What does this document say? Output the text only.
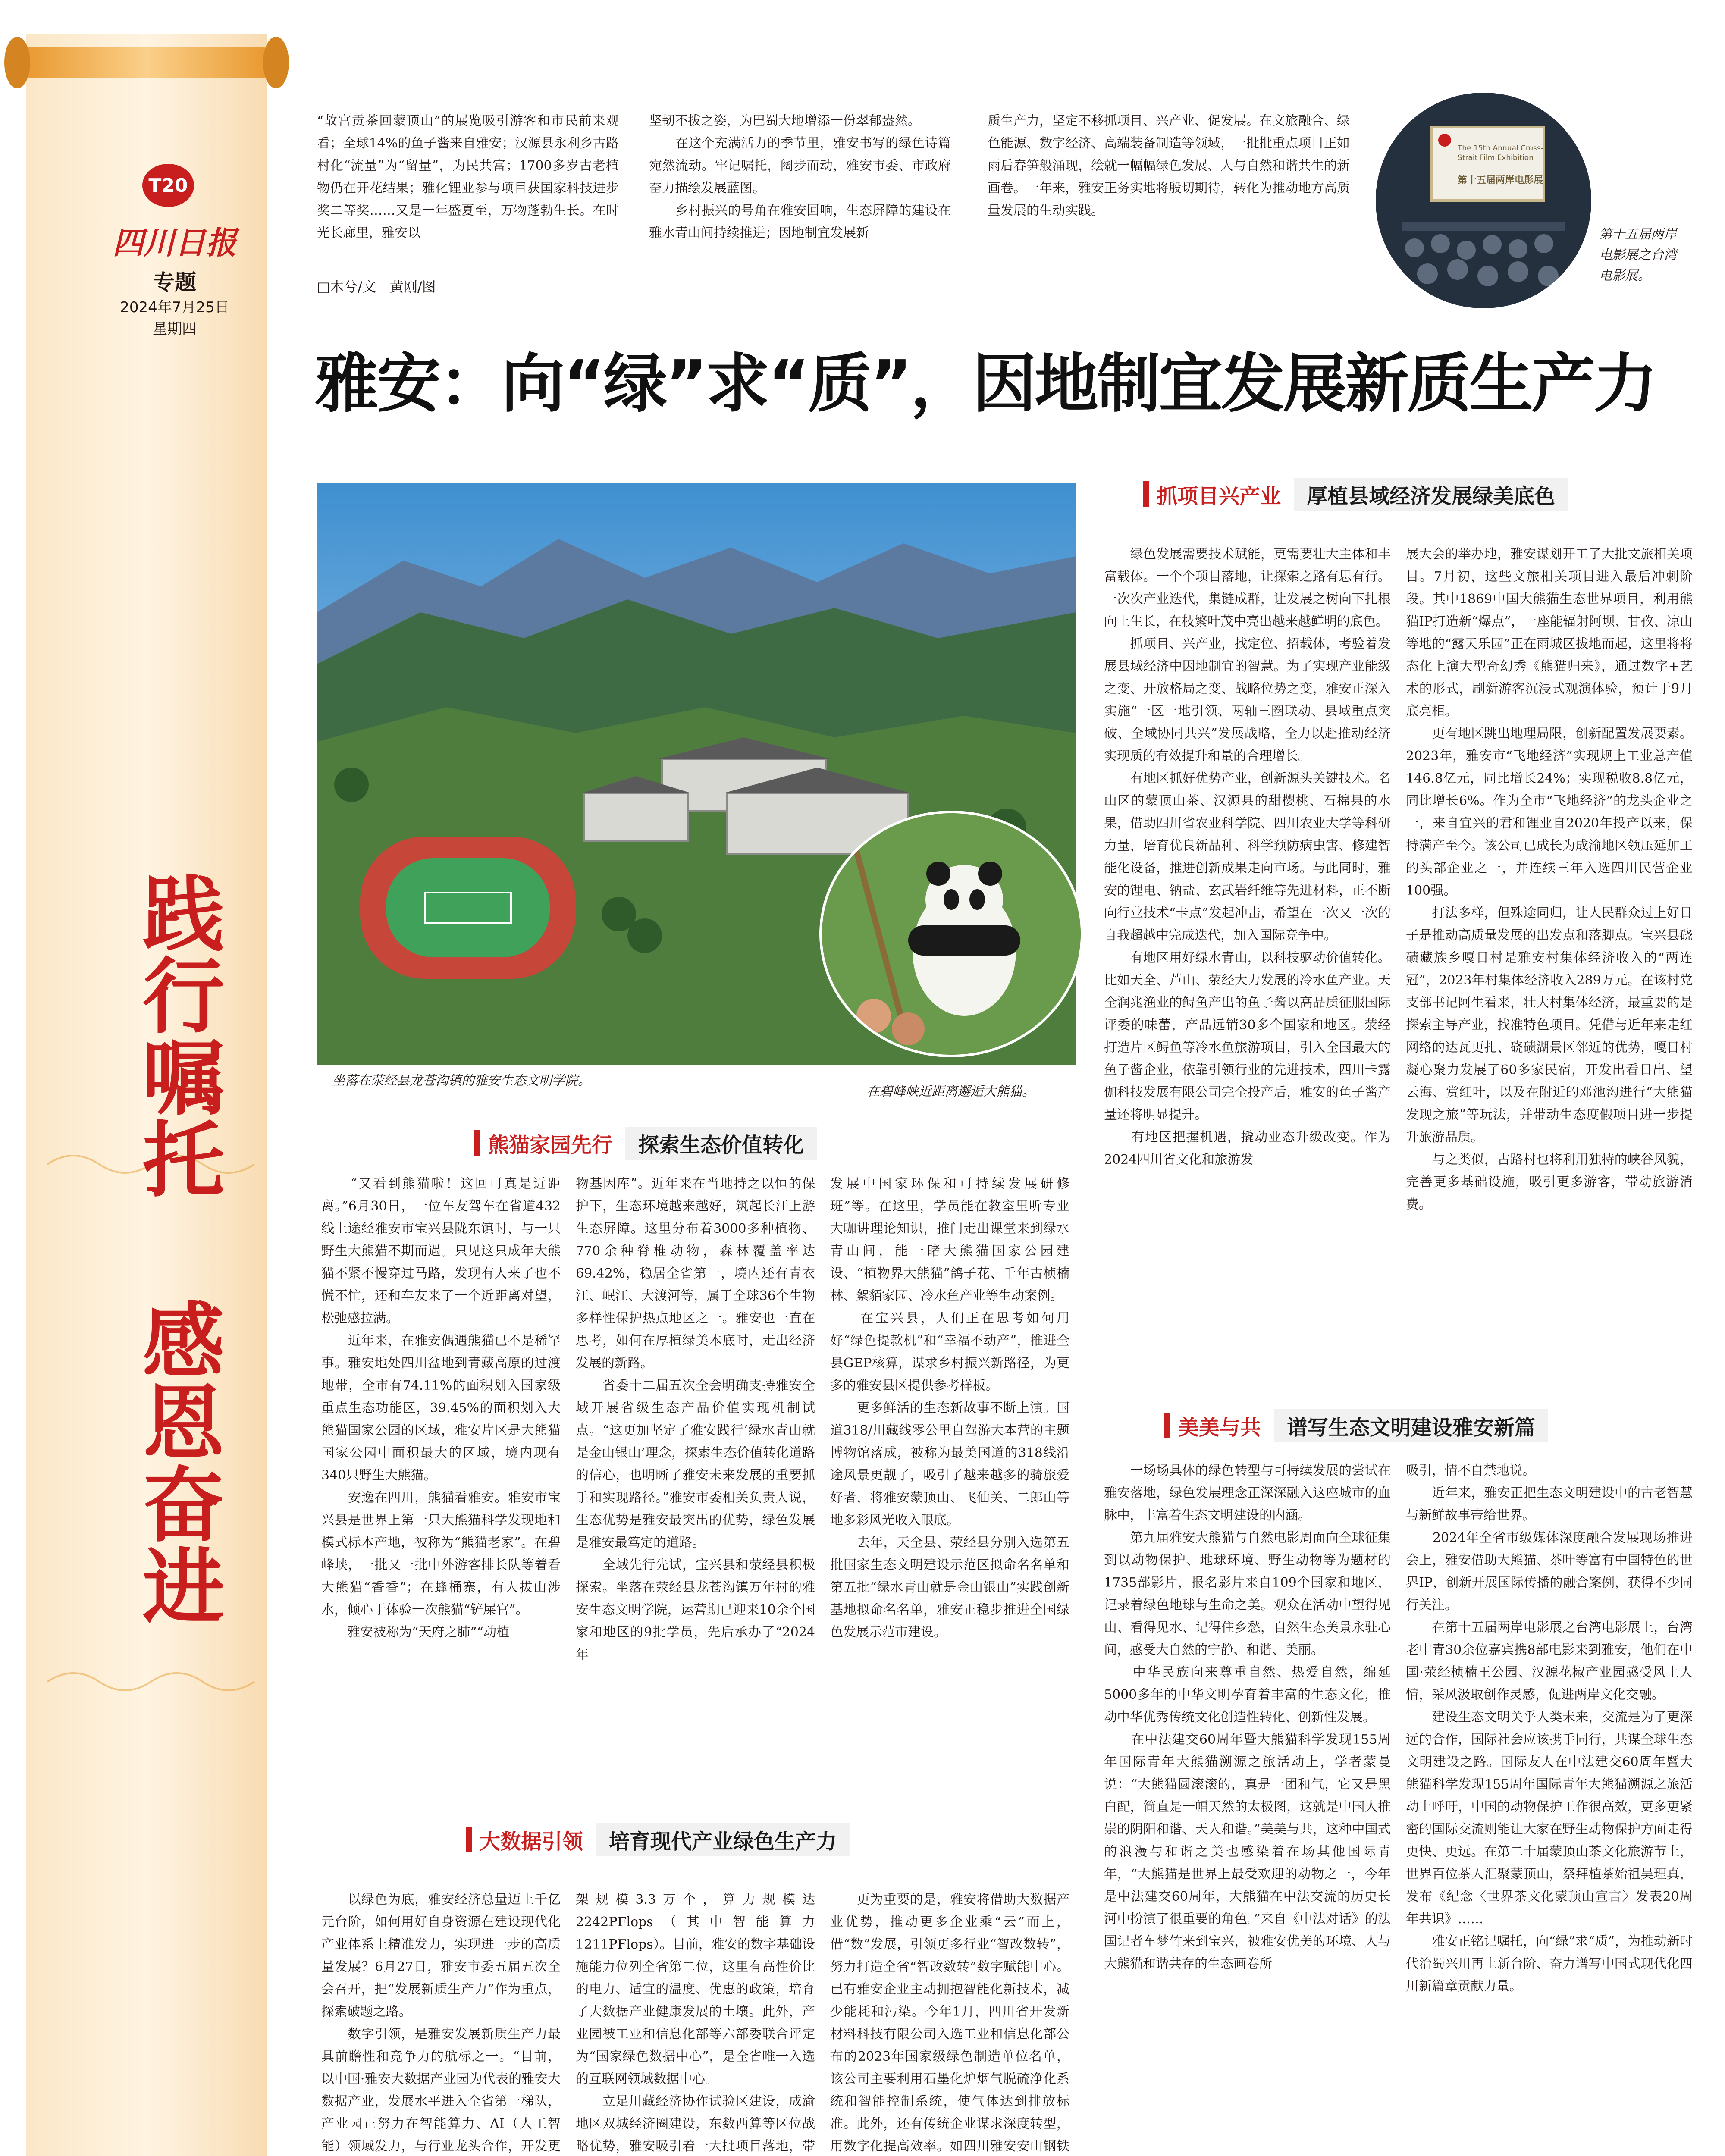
T20
四川日报
专题
2024年7月25日
星期四
践行嘱托
感恩奋进
“故宫贡茶回蒙顶山”的展览吸引游客和市民前来观看；全球14%的鱼子酱来自雅安；汉源县永利乡古路村化“流量”为“留量”，为民共富；1700多岁古老植物仍在开花结果；雅化锂业参与项目获国家科技进步奖二等奖……又是一年盛夏至，万物蓬勃生长。在时光长廊里，雅安以
坚韧不拔之姿，为巴蜀大地增添一份翠郁盎然。
　　在这个充满活力的季节里，雅安书写的绿色诗篇宛然流动。牢记嘱托，阔步而动，雅安市委、市政府奋力描绘发展蓝图。
　　乡村振兴的号角在雅安回响，生态屏障的建设在雅水青山间持续推进；因地制宜发展新
质生产力，坚定不移抓项目、兴产业、促发展。在文旅融合、绿色能源、数字经济、高端装备制造等领域，一批批重点项目正如雨后春笋般涌现，绘就一幅幅绿色发展、人与自然和谐共生的新画卷。一年来，雅安正务实地将殷切期待，转化为推动地方高质量发展的生动实践。
□木兮/文　黄刚/图
The 15th Annual Cross-Strait Film Exhibition
第十五届两岸电影展
第十五届两岸电影展之台湾电影展。
雅安：向“绿”求“质”，因地制宜发展新质生产力
坐落在荥经县龙苍沟镇的雅安生态文明学院。
在碧峰峡近距离邂逅大熊猫。
熊猫家园先行	探索生态价值转化
　　“又看到熊猫啦！这回可真是近距离。”6月30日，一位车友驾车在省道432线上途经雅安市宝兴县陇东镇时，与一只野生大熊猫不期而遇。只见这只成年大熊猫不紧不慢穿过马路，发现有人来了也不慌不忙，还和车友来了一个近距离对望，松弛感拉满。
　　近年来，在雅安偶遇熊猫已不是稀罕事。雅安地处四川盆地到青藏高原的过渡地带，全市有74.11%的面积划入国家级重点生态功能区，39.45%的面积划入大熊猫国家公园的区域，雅安片区是大熊猫国家公园中面积最大的区域，境内现有340只野生大熊猫。
　　安逸在四川，熊猫看雅安。雅安市宝兴县是世界上第一只大熊猫科学发现地和模式标本产地，被称为“熊猫老家”。在碧峰峡，一批又一批中外游客排长队等着看大熊猫“香香”；在蜂桶寨，有人拔山涉水，倾心于体验一次熊猫“铲屎官”。
　　雅安被称为“天府之肺”“动植
物基因库”。近年来在当地持之以恒的保护下，生态环境越来越好，筑起长江上游生态屏障。这里分布着3000多种植物、770余种脊椎动物，森林覆盖率达69.42%，稳居全省第一，境内还有青衣江、岷江、大渡河等，属于全球36个生物多样性保护热点地区之一。雅安也一直在思考，如何在厚植绿美本底时，走出经济发展的新路。
　　省委十二届五次全会明确支持雅安全域开展省级生态产品价值实现机制试点。“这更加坚定了雅安践行‘绿水青山就是金山银山’理念，探索生态价值转化道路的信心，也明晰了雅安未来发展的重要抓手和实现路径。”雅安市委相关负责人说，生态优势是雅安最突出的优势，绿色发展是雅安最笃定的道路。
　　全域先行先试，宝兴县和荥经县积极探索。坐落在荥经县龙苍沟镇万年村的雅安生态文明学院，运营期已迎来10余个国家和地区的9批学员，先后承办了“2024年
发展中国家环保和可持续发展研修班”等。在这里，学员能在教室里听专业大咖讲理论知识，推门走出课堂来到绿水青山间，能一睹大熊猫国家公园建设、“植物界大熊猫”鸽子花、千年古桢楠林、絮貊家园、冷水鱼产业等生动案例。
　　在宝兴县，人们正在思考如何用好“绿色提款机”和“幸福不动产”，推进全县GEP核算，谋求乡村振兴新路径，为更多的雅安县区提供参考样板。
　　更多鲜活的生态新故事不断上演。国道318/川藏线零公里自驾游大本营的主题博物馆落成，被称为最美国道的318线沿途风景更靓了，吸引了越来越多的骑旅爱好者，将雅安蒙顶山、飞仙关、二郎山等地多彩风光收入眼底。
　　去年，天全县、荥经县分别入选第五批国家生态文明建设示范区拟命名名单和第五批“绿水青山就是金山银山”实践创新基地拟命名名单，雅安正稳步推进全国绿色发展示范市建设。
大数据引领	培育现代产业绿色生产力
　　以绿色为底，雅安经济总量迈上千亿元台阶，如何用好自身资源在建设现代化产业体系上精准发力，实现进一步的高质量发展？6月27日，雅安市委五届五次全会召开，把“发展新质生产力”作为重点，探索破题之路。
　　数字引领，是雅安发展新质生产力最具前瞻性和竞争力的航标之一。“目前，以中国·雅安大数据产业园为代表的雅安大数据产业，发展水平进入全省第一梯队，产业园正努力在智能算力、AI（人工智能）领域发力，与行业龙头合作，开发更

架规模3.3万个，算力规模达2242PFlops（其中智能算力1211PFlops）。目前，雅安的数字基础设施能力位列全省第二位，这里有高性价比的电力、适宜的温度、优惠的政策，培育了大数据产业健康发展的土壤。此外，产业园被工业和信息化部等六部委联合评定为“国家绿色数据中心”，是全省唯一入选的互联网领域数据中心。
　　立足川藏经济协作试验区建设，成渝地区双城经济圈建设，东数西算等区位战略优势，雅安吸引着一大批项目落地，带
　　更为重要的是，雅安将借助大数据产业优势，推动更多企业乘“云”而上，借“数”发展，引领更多行业“智改数转”，努力打造全省“智改数转”数字赋能中心。已有雅安企业主动拥抱智能化新技术，减少能耗和污染。今年1月，四川省开发新材料科技有限公司入选工业和信息化部公布的2023年国家级绿色制造单位名单，该公司主要利用石墨化炉烟气脱硫净化系统和智能控制系统，使气体达到排放标准。此外，还有传统企业谋求深度转型，用数字化提高效率。如四川雅安安山钢铁
抓项目兴产业	厚植县域经济发展绿美底色
　　绿色发展需要技术赋能，更需要壮大主体和丰富载体。一个个项目落地，让探索之路有思有行。一次次产业迭代，集链成群，让发展之树向下扎根向上生长，在枝繁叶茂中亮出越来越鲜明的底色。
　　抓项目、兴产业，找定位、招载体，考验着发展县域经济中因地制宜的智慧。为了实现产业能级之变、开放格局之变、战略位势之变，雅安正深入实施“一区一地引领、两轴三圈联动、县域重点突破、全域协同共兴”发展战略，全力以赴推动经济实现质的有效提升和量的合理增长。
　　有地区抓好优势产业，创新源头关键技术。名山区的蒙顶山茶、汉源县的甜樱桃、石棉县的水果，借助四川省农业科学院、四川农业大学等科研力量，培育优良新品种、科学预防病虫害、修建智能化设备，推进创新成果走向市场。与此同时，雅安的锂电、钠盐、玄武岩纤维等先进材料，正不断向行业技术“卡点”发起冲击，希望在一次又一次的自我超越中完成迭代，加入国际竞争中。
　　有地区用好绿水青山，以科技驱动价值转化。比如天全、芦山、荥经大力发展的冷水鱼产业。天全润兆渔业的鲟鱼产出的鱼子酱以高品质征服国际评委的味蕾，产品远销30多个国家和地区。荥经打造片区鲟鱼等冷水鱼旅游项目，引入全国最大的鱼子酱企业，依靠引领行业的先进技术，四川卡露伽科技发展有限公司完全投产后，雅安的鱼子酱产量还将明显提升。
　　有地区把握机遇，撬动业态升级改变。作为2024四川省文化和旅游发
展大会的举办地，雅安谋划开工了大批文旅相关项目。7月初，这些文旅相关项目进入最后冲刺阶段。其中1869中国大熊猫生态世界项目，利用熊猫IP打造新“爆点”，一座能辐射阿坝、甘孜、凉山等地的“露天乐园”正在雨城区拔地而起，这里将将态化上演大型奇幻秀《熊猫归来》，通过数字+艺术的形式，刷新游客沉浸式观演体验，预计于9月底亮相。
　　更有地区跳出地理局限，创新配置发展要素。2023年，雅安市“飞地经济”实现规上工业总产值146.8亿元，同比增长24%；实现税收8.8亿元，同比增长6%。作为全市“飞地经济”的龙头企业之一，来自宜兴的君和锂业自2020年投产以来，保持满产至今。该公司已成长为成渝地区领压延加工的头部企业之一，并连续三年入选四川民营企业100强。
　　打法多样，但殊途同归，让人民群众过上好日子是推动高质量发展的出发点和落脚点。宝兴县硗碛藏族乡嘎日村是雅安村集体经济收入的“两连冠”，2023年村集体经济收入289万元。在该村党支部书记阿生看来，壮大村集体经济，最重要的是探索主导产业，找准特色项目。凭借与近年来走红网络的达瓦更扎、硗碛湖景区邻近的优势，嘎日村凝心聚力发展了60多家民宿，开发出看日出、望云海、赏红叶，以及在附近的邓池沟进行“大熊猫发现之旅”等玩法，并带动生态度假项目进一步提升旅游品质。
　　与之类似，古路村也将利用独特的峡谷风貌，完善更多基础设施，吸引更多游客，带动旅游消费。
美美与共	谱写生态文明建设雅安新篇
　　一场场具体的绿色转型与可持续发展的尝试在雅安落地，绿色发展理念正深深融入这座城市的血脉中，丰富着生态文明建设的内涵。
　　第九届雅安大熊猫与自然电影周面向全球征集到以动物保护、地球环境、野生动物等为题材的1735部影片，报名影片来自109个国家和地区，记录着绿色地球与生命之美。观众在活动中望得见山、看得见水、记得住乡愁，自然生态美景永驻心间，感受大自然的宁静、和谐、美丽。
　　中华民族向来尊重自然、热爱自然，绵延5000多年的中华文明孕育着丰富的生态文化，推动中华优秀传统文化创造性转化、创新性发展。
　　在中法建交60周年暨大熊猫科学发现155周年国际青年大熊猫溯源之旅活动上，学者蒙曼说：“大熊猫圆滚滚的，真是一团和气，它又是黑白配，简直是一幅天然的太极图，这就是中国人推崇的阴阳和谐、天人和谐。”美美与共，这种中国式的浪漫与和谐之美也感染着在场其他国际青年，“大熊猫是世界上最受欢迎的动物之一，今年是中法建交60周年，大熊猫在中法交流的历史长河中扮演了很重要的角色。”来自《中法对话》的法国记者车梦竹来到宝兴，被雅安优美的环境、人与大熊猫和谐共存的生态画卷所
吸引，情不自禁地说。
　　近年来，雅安正把生态文明建设中的古老智慧与新鲜故事带给世界。
　　2024年全省市级媒体深度融合发展现场推进会上，雅安借助大熊猫、茶叶等富有中国特色的世界IP，创新开展国际传播的融合案例，获得不少同行关注。
　　在第十五届两岸电影展之台湾电影展上，台湾老中青30余位嘉宾携8部电影来到雅安，他们在中国·荥经桢楠王公园、汉源花椒产业园感受风土人情，采风汲取创作灵感，促进两岸文化交融。
　　建设生态文明关乎人类未来，交流是为了更深远的合作，国际社会应该携手同行，共谋全球生态文明建设之路。国际友人在中法建交60周年暨大熊猫科学发现155周年国际青年大熊猫溯源之旅活动上呼吁，中国的动物保护工作很高效，更多更紧密的国际交流则能让大家在野生动物保护方面走得更快、更远。在第二十届蒙顶山茶文化旅游节上，世界百位茶人汇聚蒙顶山，祭拜植茶始祖吴理真，发布《纪念〈世界茶文化蒙顶山宣言〉发表20周年共识》……
　　雅安正铭记嘱托，向“绿”求“质”，为推动新时代治蜀兴川再上新台阶、奋力谱写中国式现代化四川新篇章贡献力量。
